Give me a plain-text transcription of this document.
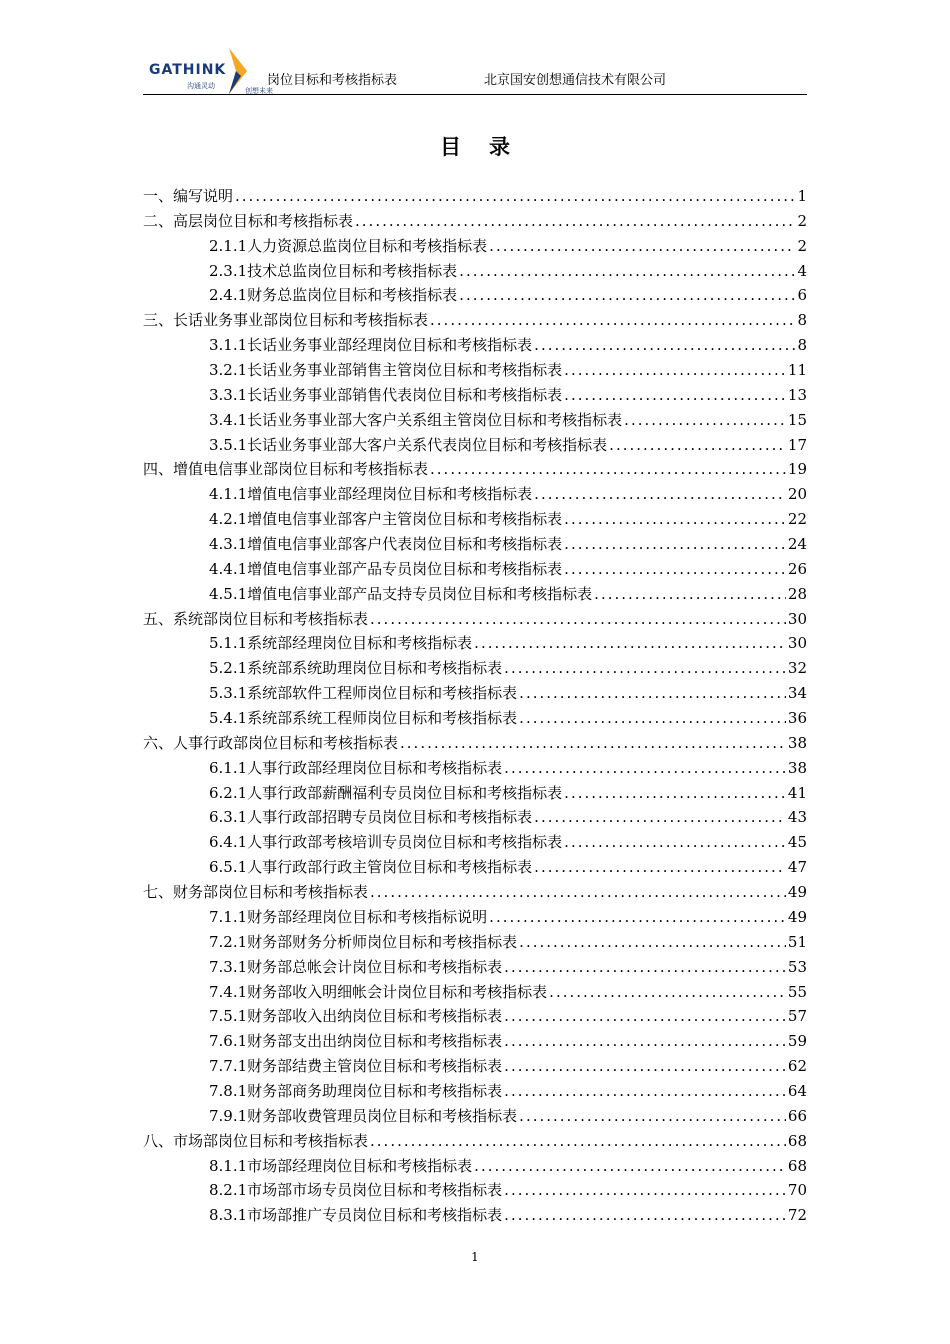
GATHINK
沟通灵动
创想未来
岗位目标和考核指标表	北京国安创想通信技术有限公司
目录
一、编写说明 .....	1
二、高层岗位目标和考核指标表 .....	2
2.1.1人力资源总监岗位目标和考核指标表 .....	2
2.3.1技术总监岗位目标和考核指标表 .....	4
2.4.1财务总监岗位目标和考核指标表 .....	6
三、长话业务事业部岗位目标和考核指标表 .....	8
3.1.1长话业务事业部经理岗位目标和考核指标表 .....	8
3.2.1长话业务事业部销售主管岗位目标和考核指标表 .....	11
3.3.1长话业务事业部销售代表岗位目标和考核指标表 .....	13
3.4.1长话业务事业部大客户关系组主管岗位目标和考核指标表 .....	15
3.5.1长话业务事业部大客户关系代表岗位目标和考核指标表 .....	17
四、增值电信事业部岗位目标和考核指标表 .....	19
4.1.1增值电信事业部经理岗位目标和考核指标表 .....	20
4.2.1增值电信事业部客户主管岗位目标和考核指标表 .....	22
4.3.1增值电信事业部客户代表岗位目标和考核指标表 .....	24
4.4.1增值电信事业部产品专员岗位目标和考核指标表 .....	26
4.5.1增值电信事业部产品支持专员岗位目标和考核指标表 .....	28
五、系统部岗位目标和考核指标表 .....	30
5.1.1系统部经理岗位目标和考核指标表 .....	30
5.2.1系统部系统助理岗位目标和考核指标表 .....	32
5.3.1系统部软件工程师岗位目标和考核指标表 .....	34
5.4.1系统部系统工程师岗位目标和考核指标表 .....	36
六、人事行政部岗位目标和考核指标表 .....	38
6.1.1人事行政部经理岗位目标和考核指标表 .....	38
6.2.1人事行政部薪酬福利专员岗位目标和考核指标表 .....	41
6.3.1人事行政部招聘专员岗位目标和考核指标表 .....	43
6.4.1人事行政部考核培训专员岗位目标和考核指标表 .....	45
6.5.1人事行政部行政主管岗位目标和考核指标表 .....	47
七、财务部岗位目标和考核指标表 .....	49
7.1.1财务部经理岗位目标和考核指标说明 .....	49
7.2.1财务部财务分析师岗位目标和考核指标表 .....	51
7.3.1财务部总帐会计岗位目标和考核指标表 .....	53
7.4.1财务部收入明细帐会计岗位目标和考核指标表 .....	55
7.5.1财务部收入出纳岗位目标和考核指标表 .....	57
7.6.1财务部支出出纳岗位目标和考核指标表 .....	59
7.7.1财务部结费主管岗位目标和考核指标表 .....	62
7.8.1财务部商务助理岗位目标和考核指标表 .....	64
7.9.1财务部收费管理员岗位目标和考核指标表 .....	66
八、市场部岗位目标和考核指标表 .....	68
8.1.1市场部经理岗位目标和考核指标表 .....	68
8.2.1市场部市场专员岗位目标和考核指标表 .....	70
8.3.1市场部推广专员岗位目标和考核指标表 .....	72
1
